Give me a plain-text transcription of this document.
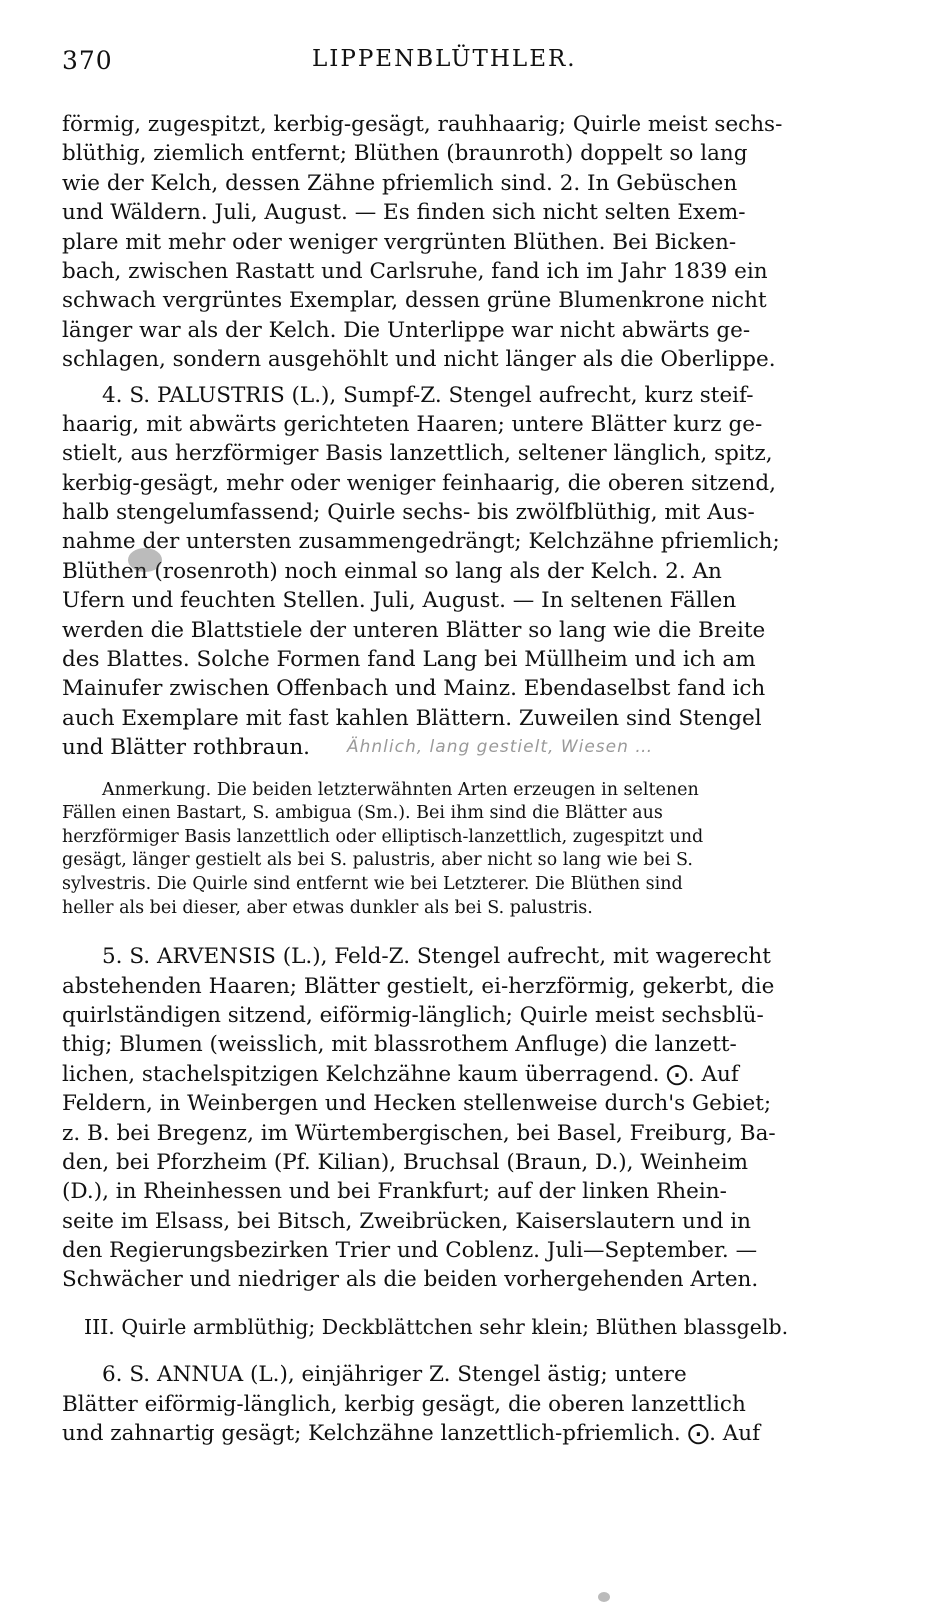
370	LIPPENBLÜTHLER.
förmig, zugespitzt, kerbig-gesägt, rauhhaarig; Quirle meist sechs-
blüthig, ziemlich entfernt; Blüthen (braunroth) doppelt so lang
wie der Kelch, dessen Zähne pfriemlich sind. 2⁠. In Gebüschen
und Wäldern. Juli, August. — Es finden sich nicht selten Exem-
plare mit mehr oder weniger vergrünten Blüthen. Bei Bicken-
bach, zwischen Rastatt und Carlsruhe, fand ich im Jahr 1839 ein
schwach vergrüntes Exemplar, dessen grüne Blumenkrone nicht
länger war als der Kelch. Die Unterlippe war nicht abwärts ge-
schlagen, sondern ausgehöhlt und nicht länger als die Oberlippe.
4. S. PALUSTRIS (L.), Sumpf-Z. Stengel aufrecht, kurz steif-
haarig, mit abwärts gerichteten Haaren; untere Blätter kurz ge-
stielt, aus herzförmiger Basis lanzettlich, seltener länglich, spitz,
kerbig-gesägt, mehr oder weniger feinhaarig, die oberen sitzend,
halb stengelumfassend; Quirle sechs- bis zwölfblüthig, mit Aus-
nahme der untersten zusammengedrängt; Kelchzähne pfriemlich;
Blüthen (rosenroth) noch einmal so lang als der Kelch. 2⁠. An
Ufern und feuchten Stellen. Juli, August. — In seltenen Fällen
werden die Blattstiele der unteren Blätter so lang wie die Breite
des Blattes. Solche Formen fand Lang bei Müllheim und ich am
Mainufer zwischen Offenbach und Mainz. Ebendaselbst fand ich
auch Exemplare mit fast kahlen Blättern. Zuweilen sind Stengel
und Blätter rothbraun. Ähnlich, lang gestielt, Wiesen …
Anmerkung. Die beiden letzterwähnten Arten erzeugen in seltenen
Fällen einen Bastart, S. ambigua (Sm.). Bei ihm sind die Blätter aus
herzförmiger Basis lanzettlich oder elliptisch-lanzettlich, zugespitzt und
gesägt, länger gestielt als bei S. palustris, aber nicht so lang wie bei S.
sylvestris. Die Quirle sind entfernt wie bei Letzterer. Die Blüthen sind
heller als bei dieser, aber etwas dunkler als bei S. palustris.
5. S. ARVENSIS (L.), Feld-Z. Stengel aufrecht, mit wagerecht
abstehenden Haaren; Blätter gestielt, ei-herzförmig, gekerbt, die
quirlständigen sitzend, eiförmig-länglich; Quirle meist sechsblü-
thig; Blumen (weisslich, mit blassrothem Anfluge) die lanzett-
lichen, stachelspitzigen Kelchzähne kaum überragend. ⨀. Auf
Feldern, in Weinbergen und Hecken stellenweise durch's Gebiet;
z. B. bei Bregenz, im Würtembergischen, bei Basel, Freiburg, Ba-
den, bei Pforzheim (Pf. Kilian), Bruchsal (Braun, D.), Weinheim
(D.), in Rheinhessen und bei Frankfurt; auf der linken Rhein-
seite im Elsass, bei Bitsch, Zweibrücken, Kaiserslautern und in
den Regierungsbezirken Trier und Coblenz. Juli—September. —
Schwächer und niedriger als die beiden vorhergehenden Arten.
III. Quirle armblüthig; Deckblättchen sehr klein; Blüthen blassgelb.
6. S. ANNUA (L.), einjähriger Z. Stengel ästig; untere
Blätter eiförmig-länglich, kerbig gesägt, die oberen lanzettlich
und zahnartig gesägt; Kelchzähne lanzettlich-pfriemlich. ⨀. Auf
